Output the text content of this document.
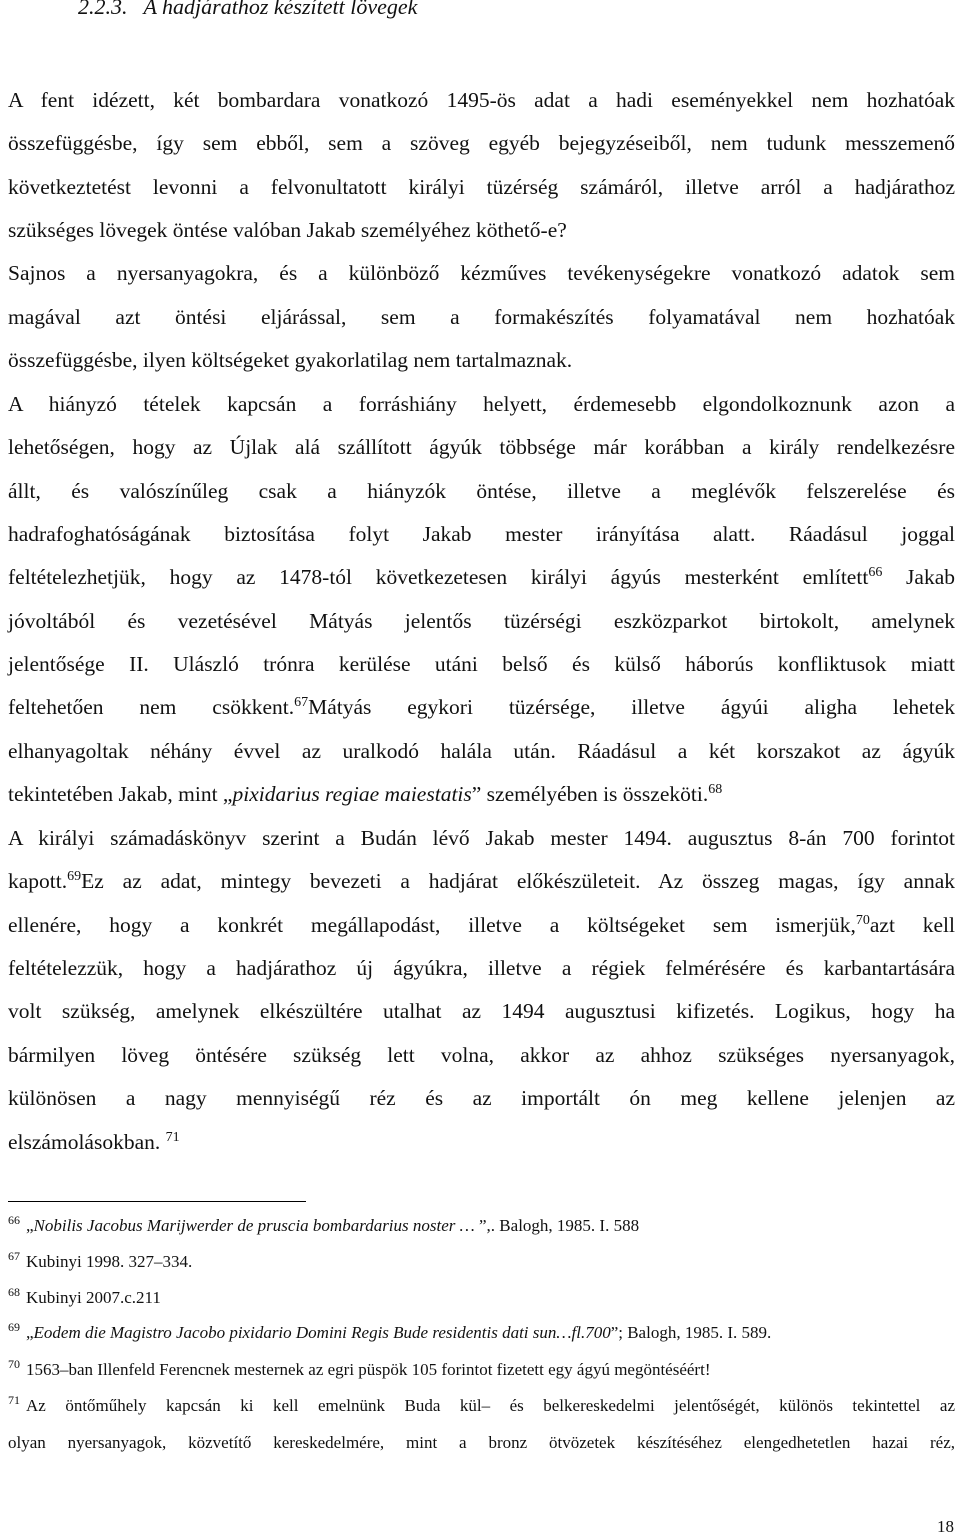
2.2.3. A hadjárathoz készített lövegek
A fent idézett, két bombardara vonatkozó 1495-ös adat a hadi eseményekkel nem hozhatóak
összefüggésbe, így sem ebből, sem a szöveg egyéb bejegyzéseiből, nem tudunk messzemenő
következtetést levonni a felvonultatott királyi tüzérség számáról, illetve arról a hadjárathoz
szükséges lövegek öntése valóban Jakab személyéhez köthető-e?
Sajnos a nyersanyagokra, és a különböző kézműves tevékenységekre vonatkozó adatok sem
magával azt öntési eljárással, sem a formakészítés folyamatával nem hozhatóak
összefüggésbe, ilyen költségeket gyakorlatilag nem tartalmaznak.
A hiányzó tételek kapcsán a forráshiány helyett, érdemesebb elgondolkoznunk azon a
lehetőségen, hogy az Újlak alá szállított ágyúk többsége már korábban a király rendelkezésre
állt, és valószínűleg csak a hiányzók öntése, illetve a meglévők felszerelése és
hadrafoghatóságának biztosítása folyt Jakab mester irányítása alatt. Ráadásul joggal
feltételezhetjük, hogy az 1478-tól következetesen királyi ágyús mesterként említett$^{66}$ Jakab
jóvoltából és vezetésével Mátyás jelentős tüzérségi eszközparkot birtokolt, amelynek
jelentősége II. Ulászló trónra kerülése utáni belső és külső háborús konfliktusok miatt
feltehetően nem csökkent.$^{67}$Mátyás egykori tüzérsége, illetve ágyúi aligha lehetek
elhanyagoltak néhány évvel az uralkodó halála után. Ráadásul a két korszakot az ágyúk
tekintetében Jakab, mint „pixidarius regiae maiestatis” személyében is összeköti.$^{68}$
A királyi számadáskönyv szerint a Budán lévő Jakab mester 1494. augusztus 8-án 700 forintot
kapott.$^{69}$Ez az adat, mintegy bevezeti a hadjárat előkészületeit. Az összeg magas, így annak
ellenére, hogy a konkrét megállapodást, illetve a költségeket sem ismerjük,$^{70}$azt kell
feltételezzük, hogy a hadjárathoz új ágyúkra, illetve a régiek felmérésére és karbantartására
volt szükség, amelynek elkészültére utalhat az 1494 augusztusi kifizetés. Logikus, hogy ha
bármilyen löveg öntésére szükség lett volna, akkor az ahhoz szükséges nyersanyagok,
különösen a nagy mennyiségű réz és az importált ón meg kellene jelenjen az
elszámolásokban. $^{71}$
$^{66}$ „Nobilis Jacobus Marijwerder de pruscia bombardarius noster … ”,. Balogh, 1985. I. 588
$^{67}$ Kubinyi 1998. 327–334.
$^{68}$ Kubinyi 2007.c.211
$^{69}$ „Eodem die Magistro Jacobo pixidario Domini Regis Bude residentis dati sun…fl.700”; Balogh, 1985. I. 589.
$^{70}$ 1563–ban Illenfeld Ferencnek mesternek az egri püspök 105 forintot fizetett egy ágyú megöntéséért!
$^{71}$ Az öntőműhely kapcsán ki kell emelnünk Buda kül– és belkereskedelmi jelentőségét, különös tekintettel az
olyan nyersanyagok, közvetítő kereskedelmére, mint a bronz ötvözetek készítéséhez elengedhetetlen hazai réz,
18
